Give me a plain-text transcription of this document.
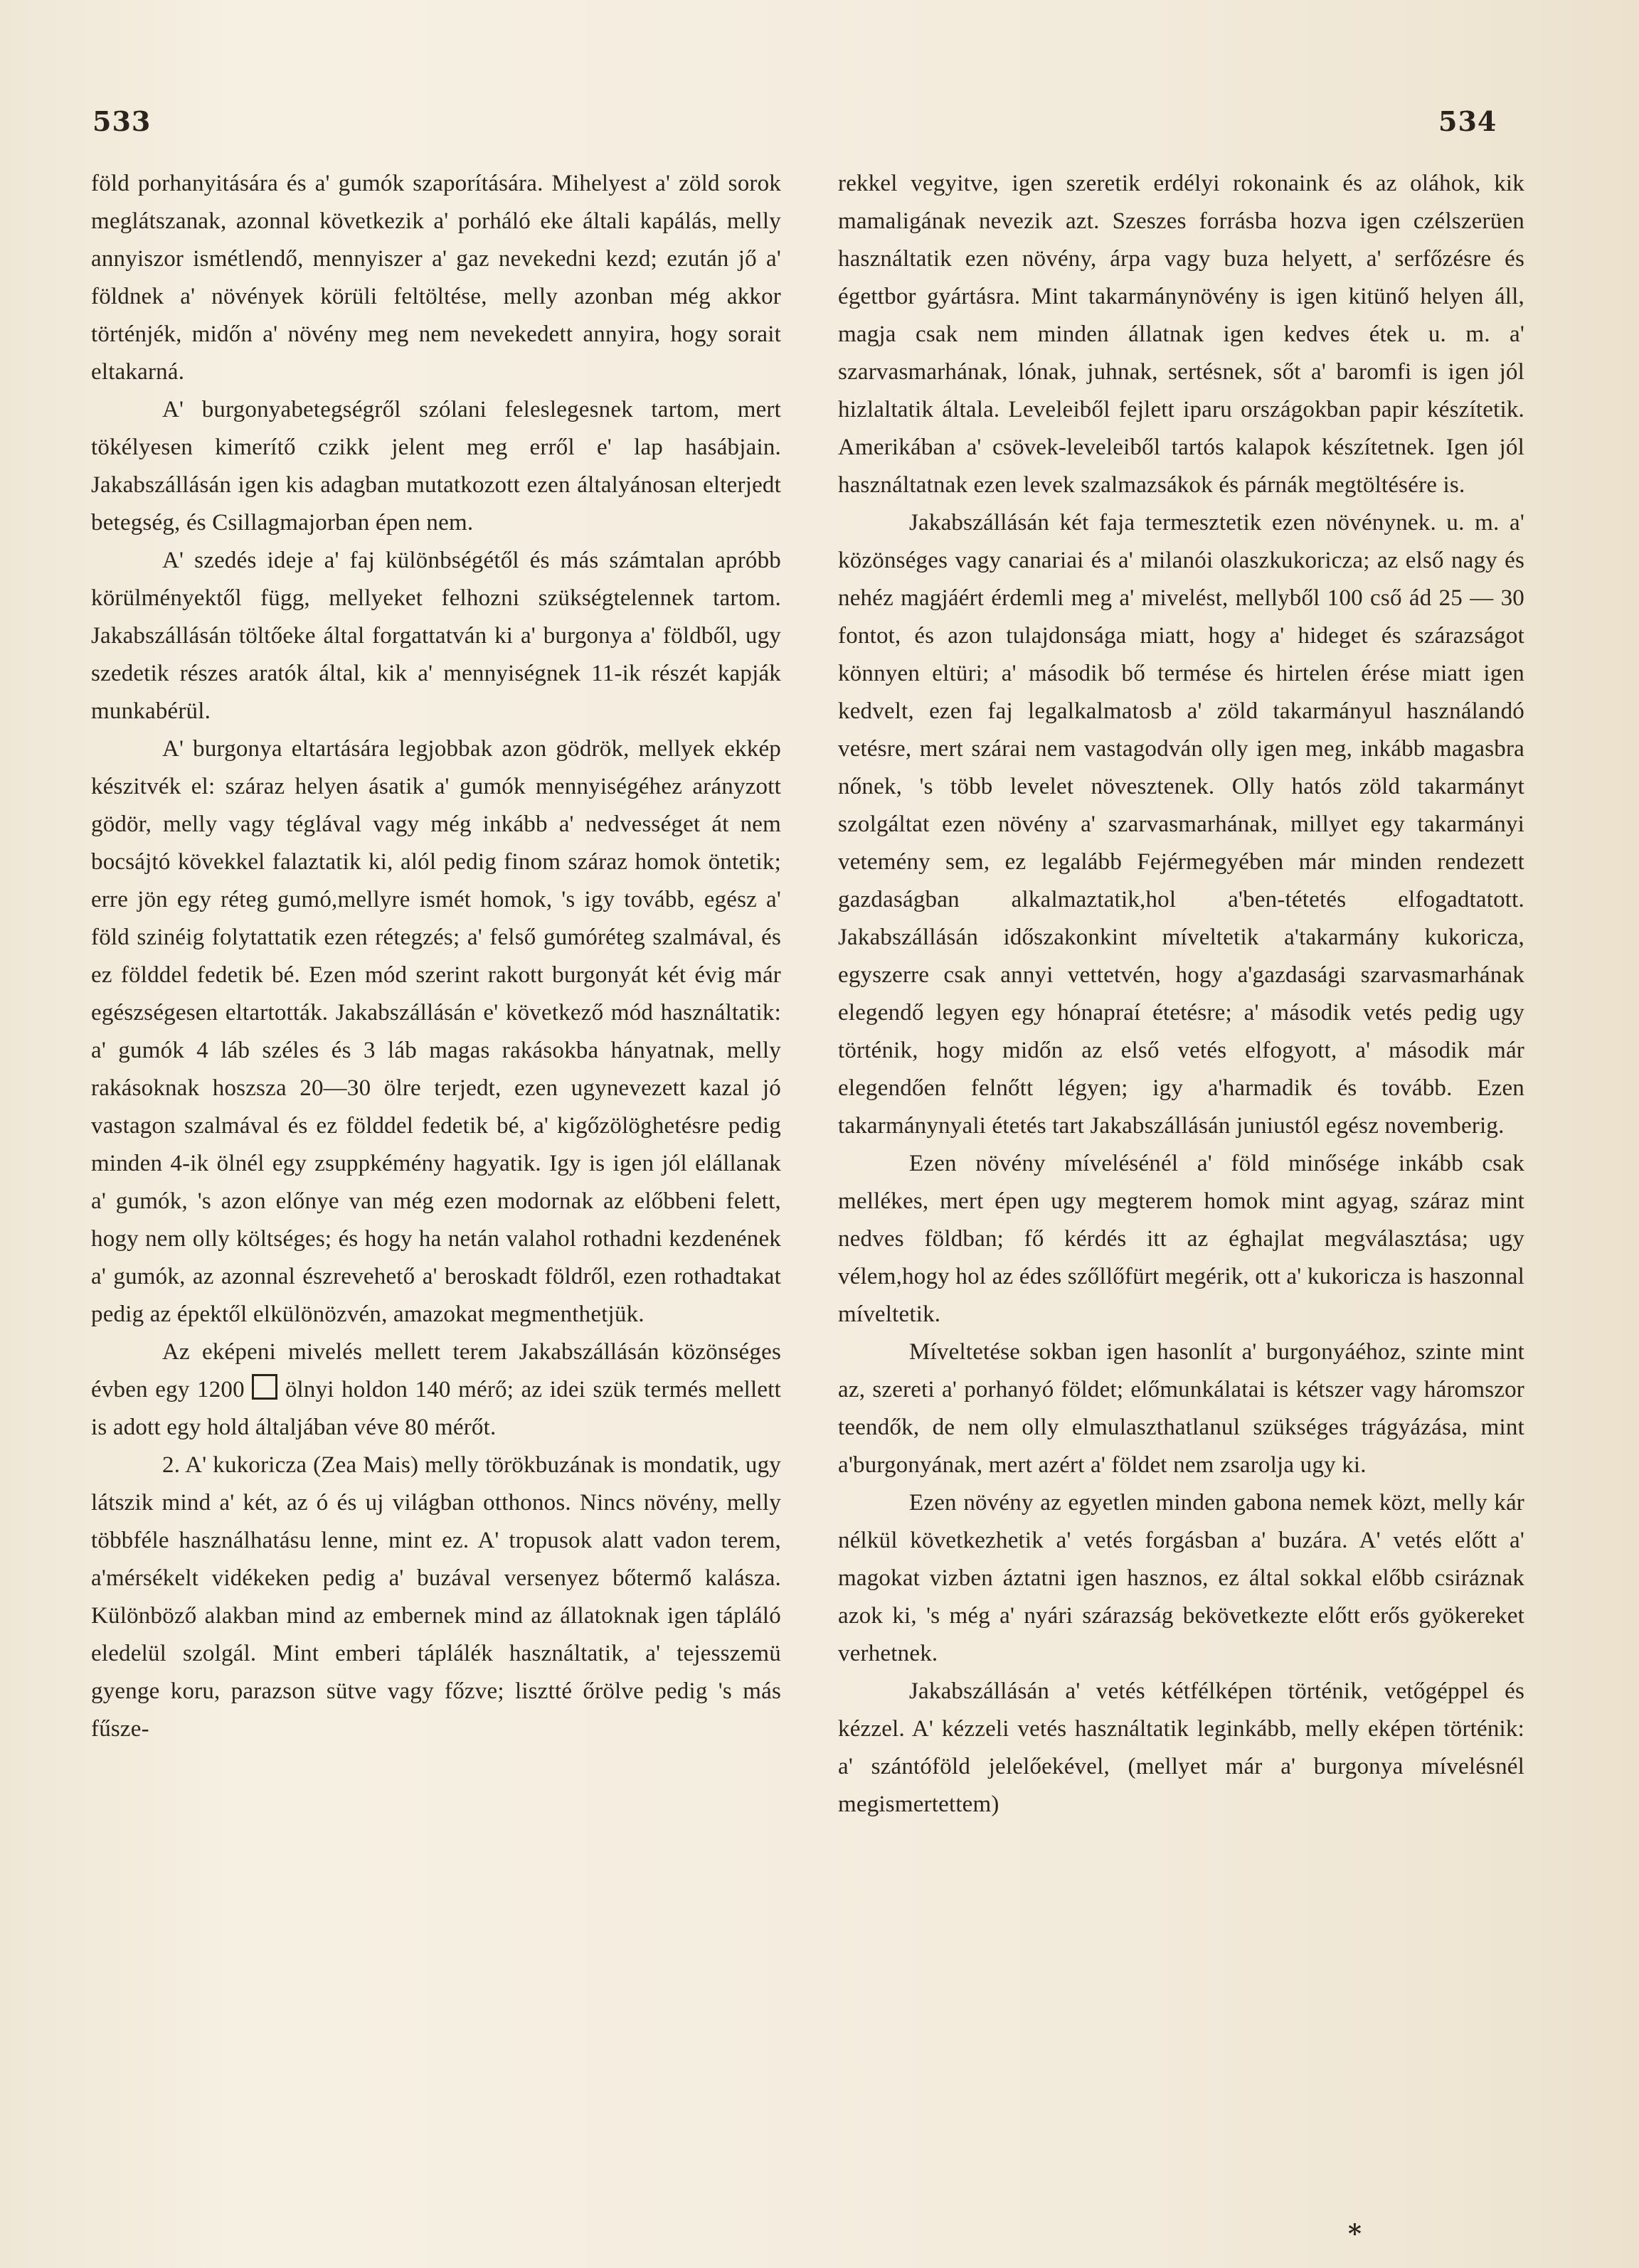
533	534

föld porhanyitására és a' gumók szaporítására. Mihelyest a' zöld sorok meglátszanak, azonnal következik a' porháló eke általi kapálás, melly annyiszor ismétlendő, mennyiszer a' gaz nevekedni kezd; ezután jő a' földnek a' növények körüli feltöltése, melly azonban még akkor történjék, midőn a' növény meg nem nevekedett annyira, hogy sorait eltakarná.

A' burgonyabetegségről szólani feleslegesnek tartom, mert tökélyesen kimerítő czikk jelent meg erről e' lap hasábjain. Jakabszállásán igen kis adagban mutatkozott ezen általyánosan elterjedt betegség, és Csillagmajorban épen nem.

A' szedés ideje a' faj különbségétől és más számtalan apróbb körülményektől függ, mellyeket felhozni szükségtelennek tartom. Jakabszállásán töltőeke által forgattatván ki a' burgonya a' földből, ugy szedetik részes aratók által, kik a' mennyiségnek 11-ik részét kapják munkabérül.

A' burgonya eltartására legjobbak azon gödrök, mellyek ekkép készitvék el: száraz helyen ásatik a' gumók mennyiségéhez arányzott gödör, melly vagy téglával vagy még inkább a' nedvességet át nem bocsájtó kövekkel falaztatik ki, alól pedig finom száraz homok öntetik; erre jön egy réteg gumó,mellyre ismét homok, 's igy tovább, egész a' föld szinéig folytattatik ezen rétegzés; a' felső gumóréteg szalmával, és ez földdel fedetik bé. Ezen mód szerint rakott burgonyát két évig már egészségesen eltartották. Jakabszállásán e' következő mód használtatik: a' gumók 4 láb széles és 3 láb magas rakásokba hányatnak, melly rakásoknak hoszsza 20—30 ölre terjedt, ezen ugynevezett kazal jó vastagon szalmával és ez földdel fedetik bé, a' kigőzölöghetésre pedig minden 4-ik ölnél egy zsuppkémény hagyatik. Igy is igen jól elállanak a' gumók, 's azon előnye van még ezen modornak az előbbeni felett, hogy nem olly költséges; és hogy ha netán valahol rothadni kezdenének a' gumók, az azonnal észrevehető a' beroskadt földről, ezen rothadtakat pedig az épektől elkülönözvén, amazokat megmenthetjük.

Az eképeni mivelés mellett terem Jakabszállásán közönséges évben egy 1200 ölnyi holdon 140 mérő; az idei szük termés mellett is adott egy hold általjában véve 80 mérőt.

2. A' kukoricza (Zea Mais) melly törökbuzának is mondatik, ugy látszik mind a' két, az ó és uj világban otthonos. Nincs növény, melly többféle használhatásu lenne, mint ez. A' tropusok alatt vadon terem, a'mérsékelt vidékeken pedig a' buzával versenyez bőtermő kalásza. Különböző alakban mind az embernek mind az állatoknak igen tápláló eledelül szolgál. Mint emberi táplálék használtatik, a' tejesszemü gyenge koru, parazson sütve vagy főzve; lisztté őrölve pedig 's más fűsze-

rekkel vegyitve, igen szeretik erdélyi rokonaink és az oláhok, kik mamaligának nevezik azt. Szeszes forrásba hozva igen czélszerüen használtatik ezen növény, árpa vagy buza helyett, a' serfőzésre és égettbor gyártásra. Mint takarmánynövény is igen kitünő helyen áll, magja csak nem minden állatnak igen kedves étek u. m. a' szarvasmarhának, lónak, juhnak, sertésnek, sőt a' baromfi is igen jól hizlaltatik általa. Leveleiből fejlett iparu országokban papir készítetik. Amerikában a' csövek-leveleiből tartós kalapok készítetnek. Igen jól használtatnak ezen levek szalmazsákok és párnák megtöltésére is.

Jakabszállásán két faja termesztetik ezen növénynek. u. m. a' közönséges vagy canariai és a' milanói olaszkukoricza; az első nagy és nehéz magjáért érdemli meg a' mivelést, mellyből 100 cső ád 25 — 30 fontot, és azon tulajdonsága miatt, hogy a' hideget és szárazságot könnyen eltüri; a' második bő termése és hirtelen érése miatt igen kedvelt, ezen faj legalkalmatosb a' zöld takarmányul használandó vetésre, mert szárai nem vastagodván olly igen meg, inkább magasbra nőnek, 's több levelet növesztenek. Olly hatós zöld takarmányt szolgáltat ezen növény a' szarvasmarhának, millyet egy takarmányi vetemény sem, ez legalább Fejérmegyében már minden rendezett gazdaságban alkalmaztatik,hol a'ben-tétetés elfogadtatott. Jakabszállásán időszakonkint míveltetik a'takarmány kukoricza, egyszerre csak annyi vettetvén, hogy a'gazdasági szarvasmarhának elegendő legyen egy hónapraí étetésre; a' második vetés pedig ugy történik, hogy midőn az első vetés elfogyott, a' második már elegendően felnőtt légyen; igy a'harmadik és tovább. Ezen takarmánynyali étetés tart Jakabszállásán juniustól egész novemberig.

Ezen növény mívelésénél a' föld minősége inkább csak mellékes, mert épen ugy megterem homok mint agyag, száraz mint nedves földban; fő kérdés itt az éghajlat megválasztása; ugy vélem,hogy hol az édes szőllőfürt megérik, ott a' kukoricza is haszonnal míveltetik.

Míveltetése sokban igen hasonlít a' burgonyáéhoz, szinte mint az, szereti a' porhanyó földet; előmunkálatai is kétszer vagy háromszor teendők, de nem olly elmulaszthatlanul szükséges trágyázása, mint a'burgonyának, mert azért a' földet nem zsarolja ugy ki.

Ezen növény az egyetlen minden gabona nemek közt, melly kár nélkül következhetik a' vetés forgásban a' buzára. A' vetés előtt a' magokat vizben áztatni igen hasznos, ez által sokkal előbb csiráznak azok ki, 's még a' nyári szárazság bekövetkezte előtt erős gyökereket verhetnek.

Jakabszállásán a' vetés kétfélképen történik, vetőgéppel és kézzel. A' kézzeli vetés használtatik leginkább, melly eképen történik: a' szántóföld jelelőekével, (mellyet már a' burgonya mívelésnél megismertettem)

*
